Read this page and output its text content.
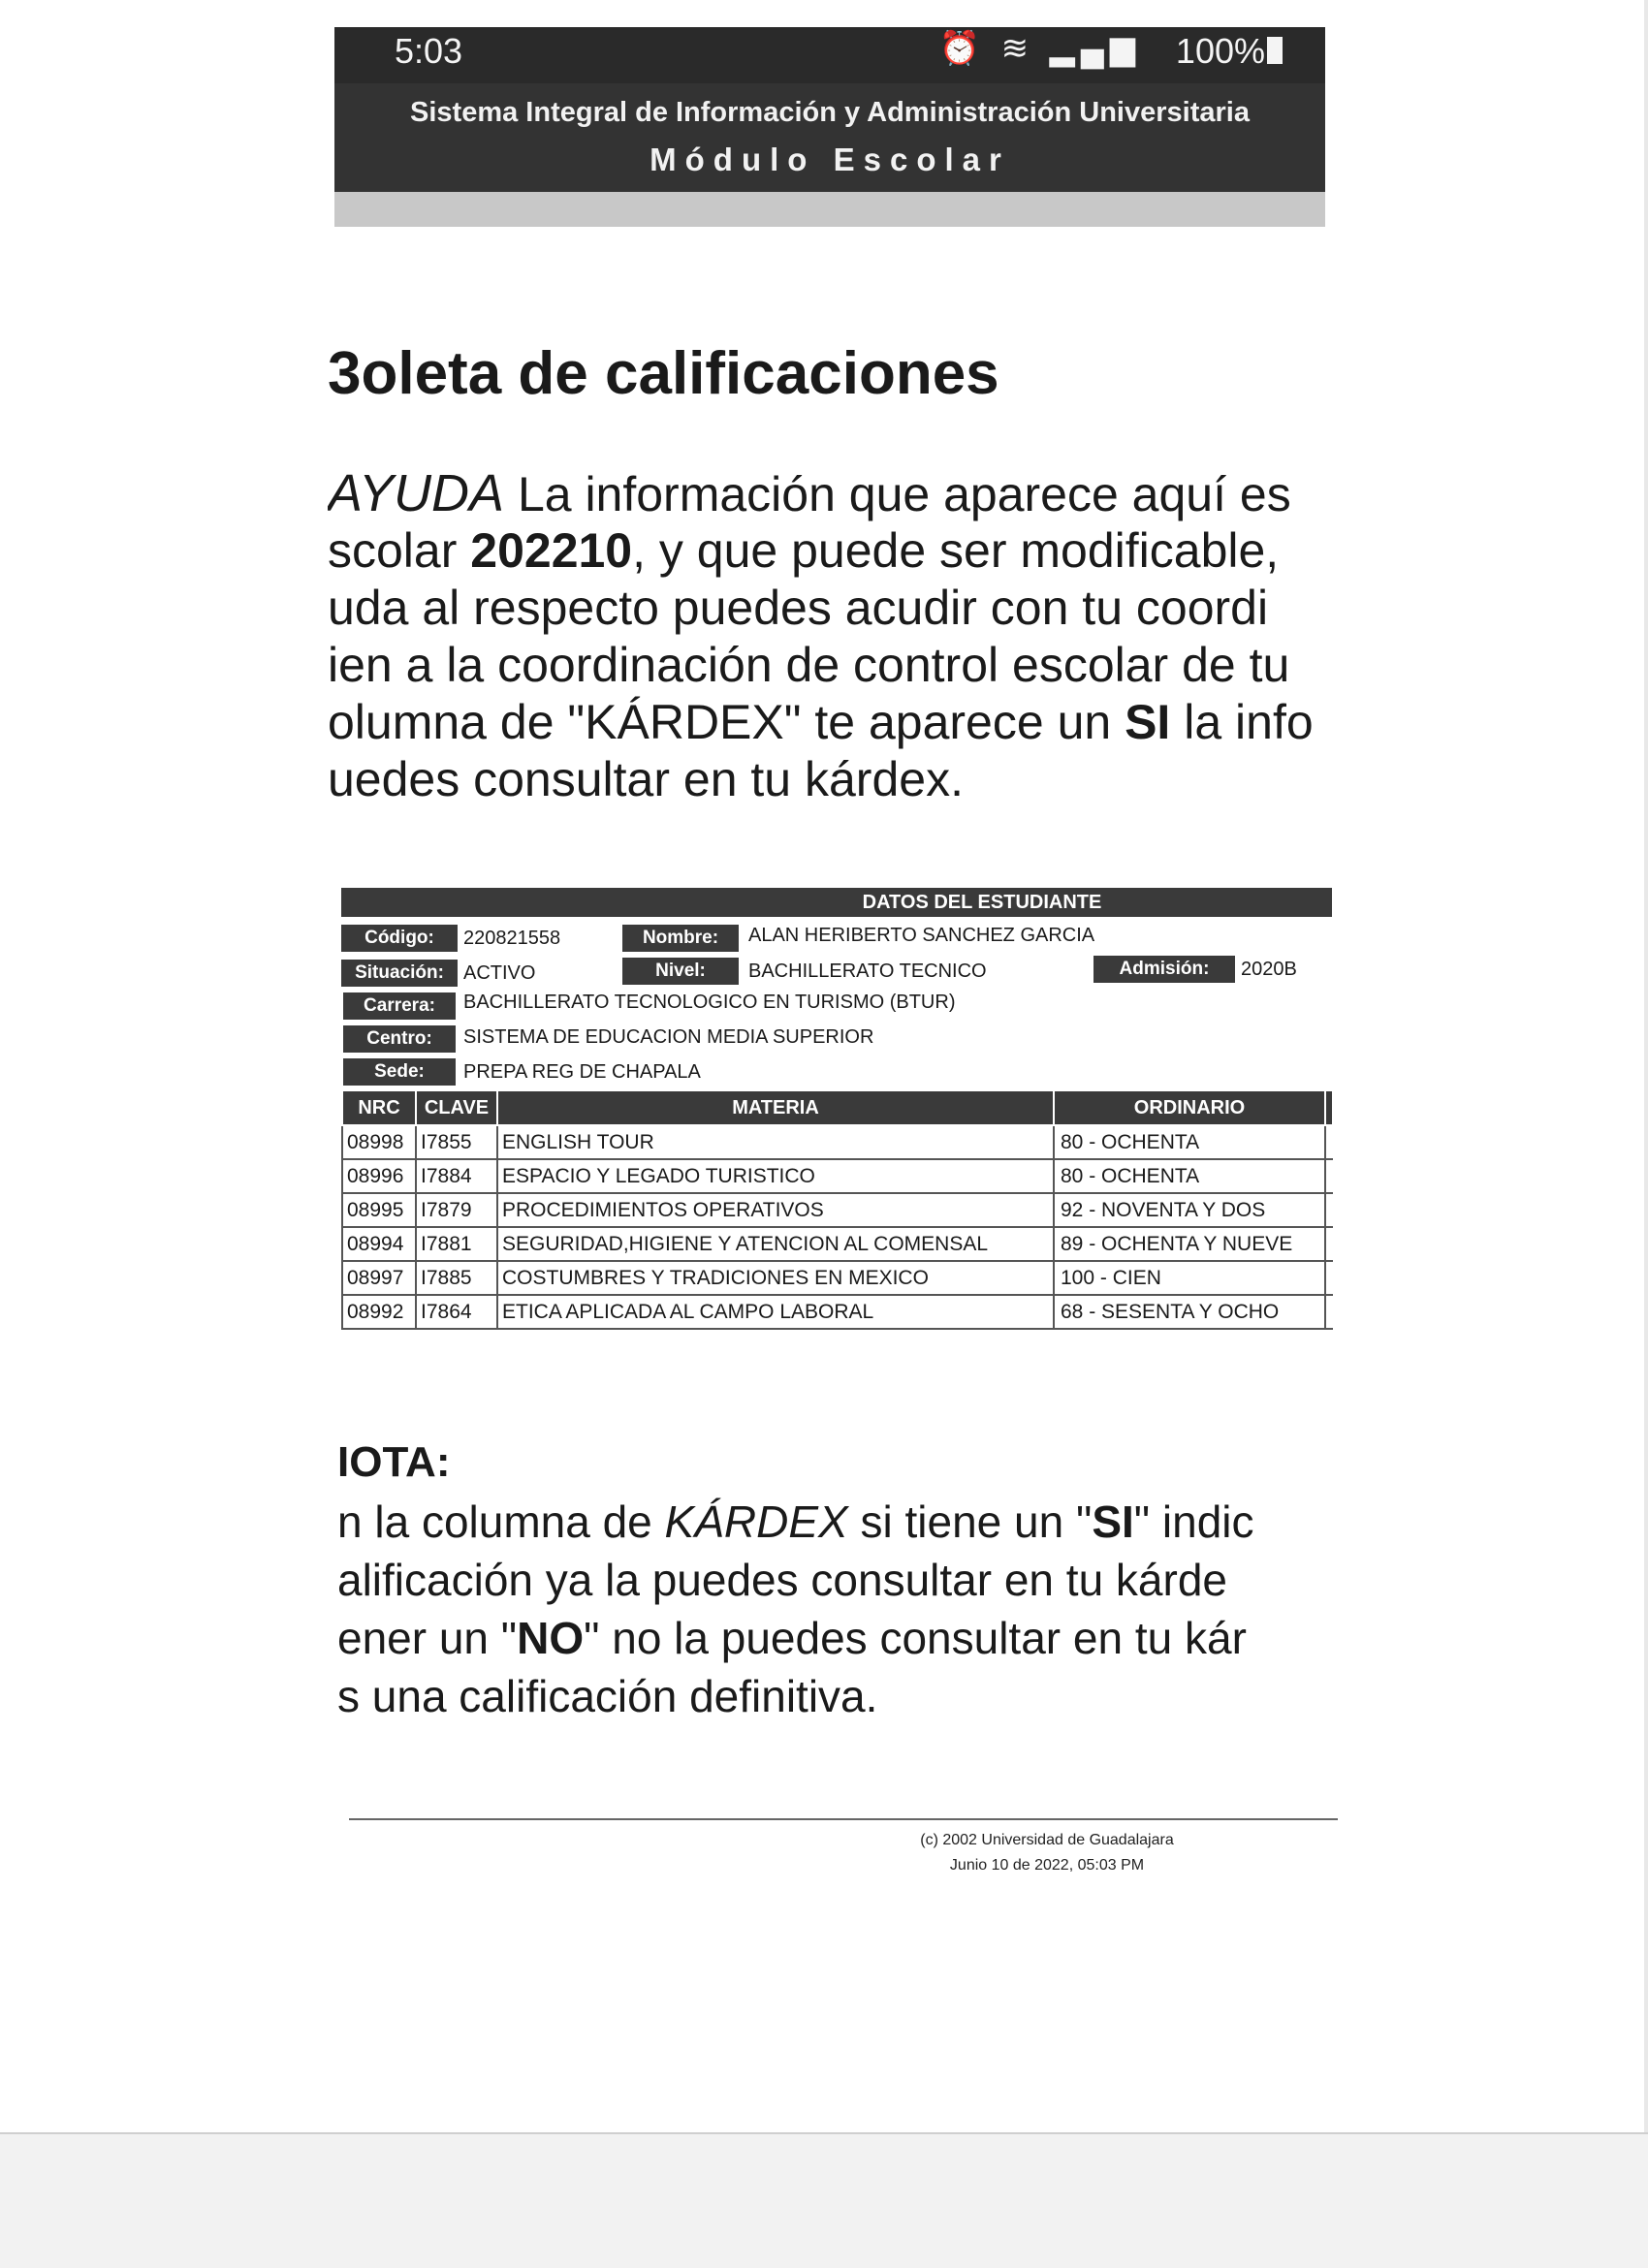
5:03	⏰ ≋ ▂▄▆ 100%
Sistema Integral de Información y Administración Universitaria
Módulo Escolar
3oleta de calificaciones
AYUDA La información que aparece aquí es
scolar 202210, y que puede ser modificable,
uda al respecto puedes acudir con tu coordi
ien a la coordinación de control escolar de tu
olumna de "KÁRDEX" te aparece un SI la info
uedes consultar en tu kárdex.
DATOS DEL ESTUDIANTE
Código:	220821558	Nombre:	ALAN HERIBERTO SANCHEZ GARCIA
Situación:	ACTIVO	Nivel:	BACHILLERATO TECNICO	Admisión:	2020B
Carrera:	BACHILLERATO TECNOLOGICO EN TURISMO (BTUR)
Centro:	SISTEMA DE EDUCACION MEDIA SUPERIOR
Sede:	PREPA REG DE CHAPALA
NRC	CLAVE	MATERIA	ORDINARIO	
08998	I7855	ENGLISH TOUR	80 - OCHENTA	
08996	I7884	ESPACIO Y LEGADO TURISTICO	80 - OCHENTA	
08995	I7879	PROCEDIMIENTOS OPERATIVOS	92 - NOVENTA Y DOS	
08994	I7881	SEGURIDAD,HIGIENE Y ATENCION AL COMENSAL	89 - OCHENTA Y NUEVE	
08997	I7885	COSTUMBRES Y TRADICIONES EN MEXICO	100 - CIEN	
08992	I7864	ETICA APLICADA AL CAMPO LABORAL	68 - SESENTA Y OCHO	
IOTA:
n la columna de KÁRDEX si tiene un "SI" indic
alificación ya la puedes consultar en tu kárde
ener un "NO" no la puedes consultar en tu kár
s una calificación definitiva.
(c) 2002 Universidad de Guadalajara
Junio 10 de 2022, 05:03 PM
